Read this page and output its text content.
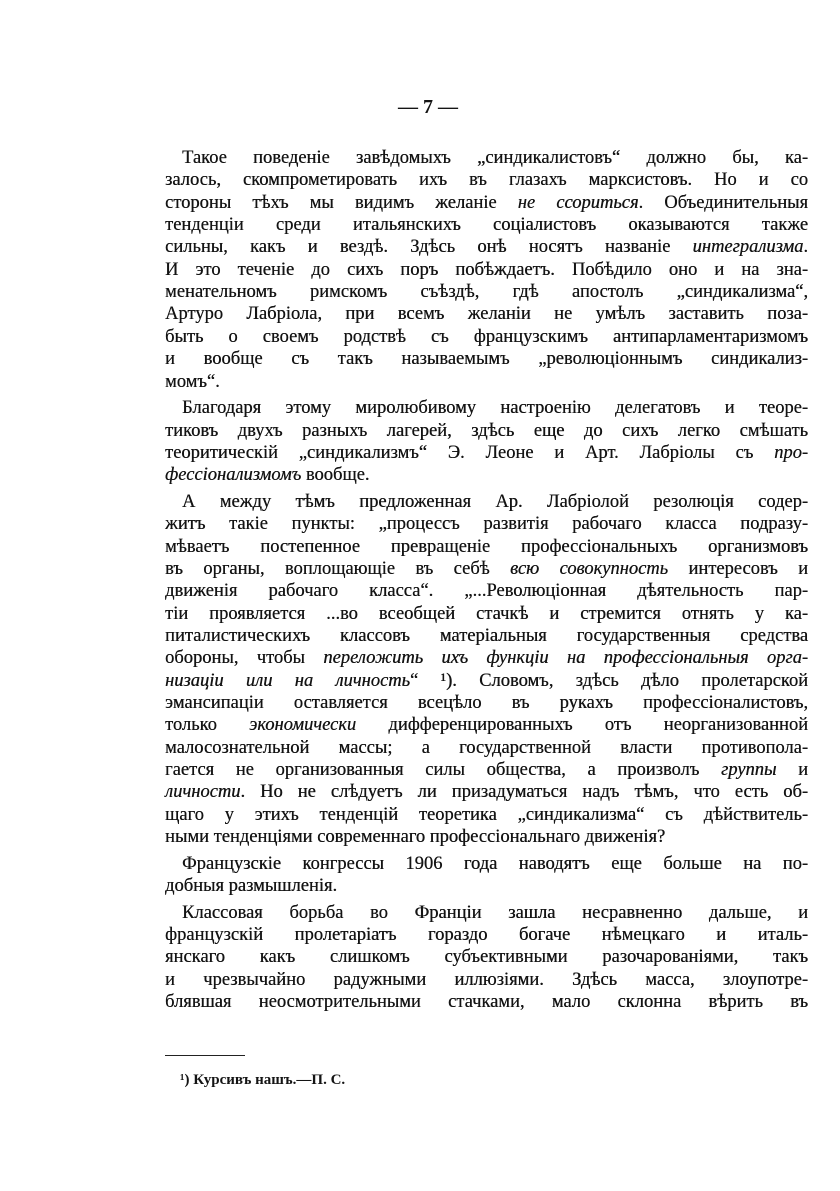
— 7 —
Такое поведеніе завѣдомыхъ „синдикалистовъ“ должно бы, ка-
залось, скомпрометировать ихъ въ глазахъ марксистовъ. Но и со
стороны тѣхъ мы видимъ желаніе не ссориться. Объединительныя
тенденціи среди итальянскихъ соціалистовъ оказываются также
сильны, какъ и вездѣ. Здѣсь онѣ носятъ названіе интегрализма.
И это теченіе до сихъ поръ побѣждаетъ. Побѣдило оно и на зна-
менательномъ римскомъ съѣздѣ, гдѣ апостолъ „синдикализма“,
Артуро Лабріола, при всемъ желаніи не умѣлъ заставить поза-
быть о своемъ родствѣ съ французскимъ антипарламентаризмомъ
и вообще съ такъ называемымъ „революціоннымъ синдикализ-
момъ“.
Благодаря этому миролюбивому настроенію делегатовъ и теоре-
тиковъ двухъ разныхъ лагерей, здѣсь еще до сихъ легко смѣшать
теоритическій „синдикализмъ“ Э. Леоне и Арт. Лабріолы съ про-
фессіонализмомъ вообще.
А между тѣмъ предложенная Ар. Лабріолой резолюція содер-
житъ такіе пункты: „процессъ развитія рабочаго класса подразу-
мѣваетъ постепенное превращеніе профессіональныхъ организмовъ
въ органы, воплощающіе въ себѣ всю совокупность интересовъ и
движенія рабочаго класса“. „...Революціонная дѣятельность пар-
тіи проявляется ...во всеобщей стачкѣ и стремится отнять у ка-
питалистическихъ классовъ матеріальныя государственныя средства
обороны, чтобы переложить ихъ функціи на профессіональныя орга-
низаціи или на личность“ ¹). Словомъ, здѣсь дѣло пролетарской
эмансипаціи оставляется всецѣло въ рукахъ профессіоналистовъ,
только экономически дифференцированныхъ отъ неорганизованной
малосознательной массы; а государственной власти противопола-
гается не организованныя силы общества, а произволъ группы и
личности. Но не слѣдуетъ ли призадуматься надъ тѣмъ, что есть об-
щаго у этихъ тенденцій теоретика „синдикализма“ съ дѣйствитель-
ными тенденціями современнаго профессіональнаго движенія?
Французскіе конгрессы 1906 года наводятъ еще больше на по-
добныя размышленія.
Классовая борьба во Франціи зашла несравненно дальше, и
французскій пролетаріатъ гораздо богаче нѣмецкаго и италь-
янскаго какъ слишкомъ субъективными разочарованіями, такъ
и чрезвычайно радужными иллюзіями. Здѣсь масса, злоупотре-
блявшая неосмотрительными стачками, мало склонна вѣрить въ
¹) Курсивъ нашъ.—П. С.
